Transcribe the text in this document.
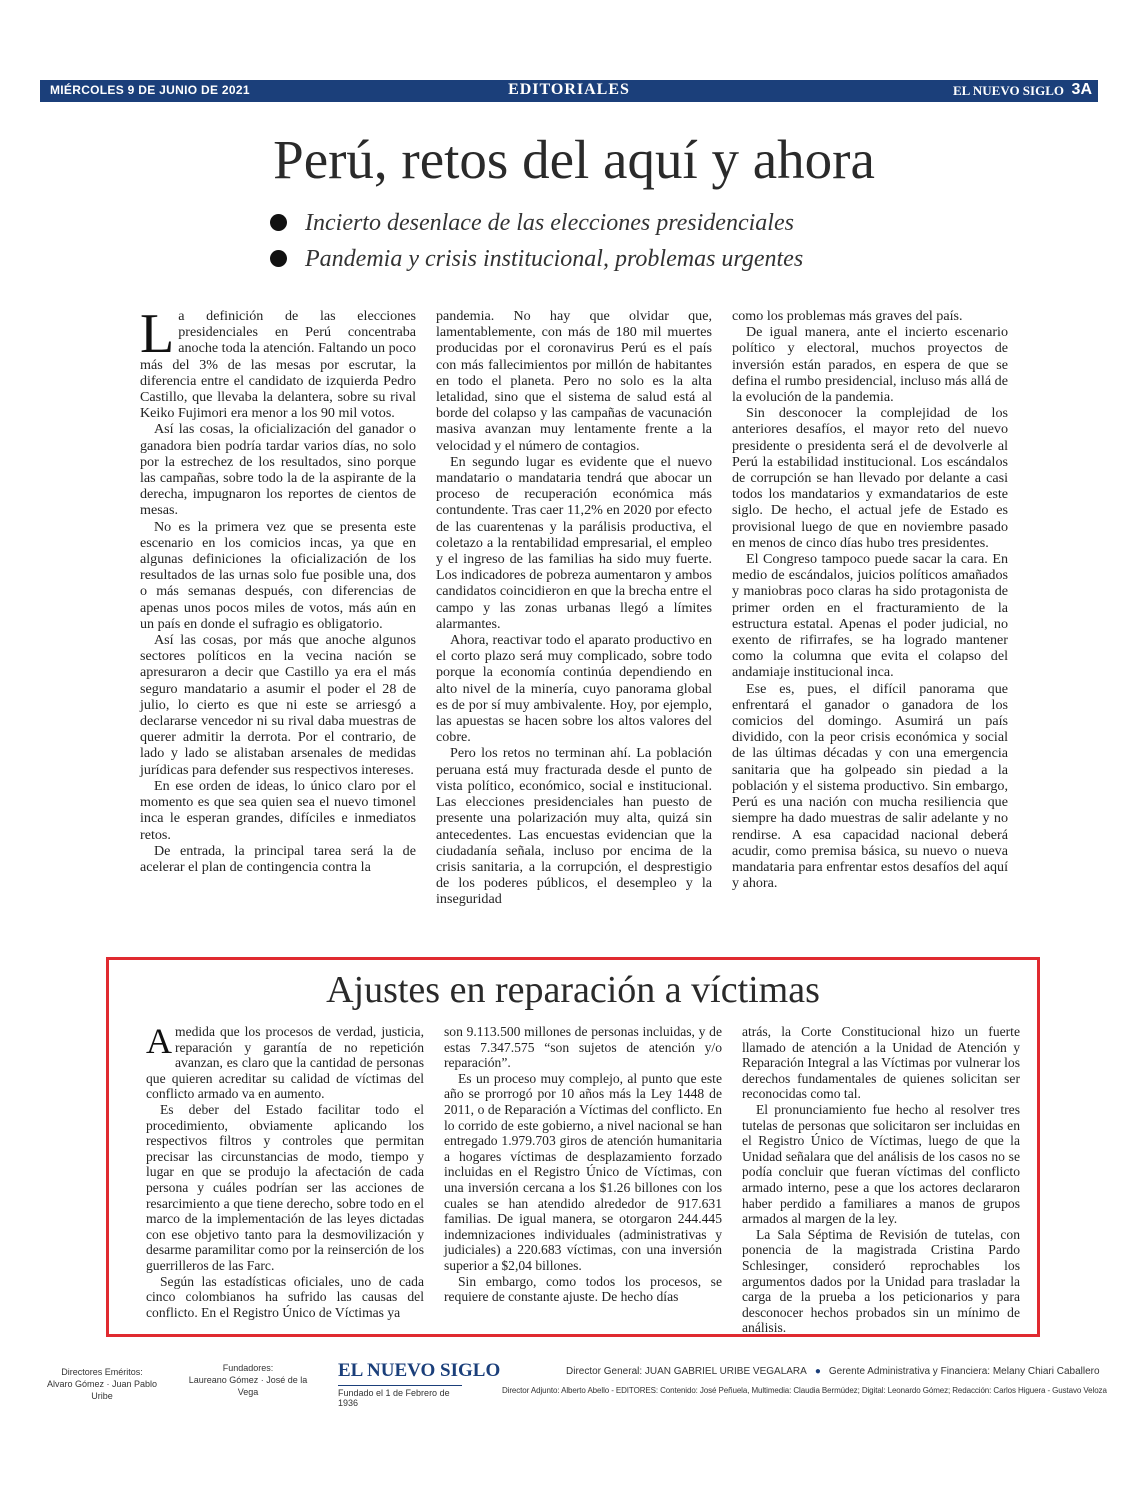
MIÉRCOLES 9 DE JUNIO DE 2021	EDITORIALES	EL NUEVO SIGLO 3A
Perú, retos del aquí y ahora
Incierto desenlace de las elecciones presidenciales
Pandemia y crisis institucional, problemas urgentes

La definición de las elecciones presidenciales en Perú concentraba anoche toda la atención. Faltando un poco más del 3% de las mesas por escrutar, la diferencia entre el candidato de izquierda Pedro Castillo, que llevaba la delantera, sobre su rival Keiko Fujimori era menor a los 90 mil votos.

Así las cosas, la oficialización del ganador o ganadora bien podría tardar varios días, no solo por la estrechez de los resultados, sino porque las campañas, sobre todo la de la aspirante de la derecha, impugnaron los reportes de cientos de mesas.

No es la primera vez que se presenta este escenario en los comicios incas, ya que en algunas definiciones la oficialización de los resultados de las urnas solo fue posible una, dos o más semanas después, con diferencias de apenas unos pocos miles de votos, más aún en un país en donde el sufragio es obligatorio.

Así las cosas, por más que anoche algunos sectores políticos en la vecina nación se apresuraron a decir que Castillo ya era el más seguro mandatario a asumir el poder el 28 de julio, lo cierto es que ni este se arriesgó a declararse vencedor ni su rival daba muestras de querer admitir la derrota. Por el contrario, de lado y lado se alistaban arsenales de medidas jurídicas para defender sus respectivos intereses.

En ese orden de ideas, lo único claro por el momento es que sea quien sea el nuevo timonel inca le esperan grandes, difíciles e inmediatos retos.

De entrada, la principal tarea será la de acelerar el plan de contingencia contra la

pandemia. No hay que olvidar que, lamentablemente, con más de 180 mil muertes producidas por el coronavirus Perú es el país con más fallecimientos por millón de habitantes en todo el planeta. Pero no solo es la alta letalidad, sino que el sistema de salud está al borde del colapso y las campañas de vacunación masiva avanzan muy lentamente frente a la velocidad y el número de contagios.

En segundo lugar es evidente que el nuevo mandatario o mandataria tendrá que abocar un proceso de recuperación económica más contundente. Tras caer 11,2% en 2020 por efecto de las cuarentenas y la parálisis productiva, el coletazo a la rentabilidad empresarial, el empleo y el ingreso de las familias ha sido muy fuerte. Los indicadores de pobreza aumentaron y ambos candidatos coincidieron en que la brecha entre el campo y las zonas urbanas llegó a límites alarmantes.

Ahora, reactivar todo el aparato productivo en el corto plazo será muy complicado, sobre todo porque la economía continúa dependiendo en alto nivel de la minería, cuyo panorama global es de por sí muy ambivalente. Hoy, por ejemplo, las apuestas se hacen sobre los altos valores del cobre.

Pero los retos no terminan ahí. La población peruana está muy fracturada desde el punto de vista político, económico, social e institucional. Las elecciones presidenciales han puesto de presente una polarización muy alta, quizá sin antecedentes. Las encuestas evidencian que la ciudadanía señala, incluso por encima de la crisis sanitaria, a la corrupción, el desprestigio de los poderes públicos, el desempleo y la inseguridad

como los problemas más graves del país.

De igual manera, ante el incierto escenario político y electoral, muchos proyectos de inversión están parados, en espera de que se defina el rumbo presidencial, incluso más allá de la evolución de la pandemia.

Sin desconocer la complejidad de los anteriores desafíos, el mayor reto del nuevo presidente o presidenta será el de devolverle al Perú la estabilidad institucional. Los escándalos de corrupción se han llevado por delante a casi todos los mandatarios y exmandatarios de este siglo. De hecho, el actual jefe de Estado es provisional luego de que en noviembre pasado en menos de cinco días hubo tres presidentes.

El Congreso tampoco puede sacar la cara. En medio de escándalos, juicios políticos amañados y maniobras poco claras ha sido protagonista de primer orden en el fracturamiento de la estructura estatal. Apenas el poder judicial, no exento de rifirrafes, se ha logrado mantener como la columna que evita el colapso del andamiaje institucional inca.

Ese es, pues, el difícil panorama que enfrentará el ganador o ganadora de los comicios del domingo. Asumirá un país dividido, con la peor crisis económica y social de las últimas décadas y con una emergencia sanitaria que ha golpeado sin piedad a la población y el sistema productivo. Sin embargo, Perú es una nación con mucha resiliencia que siempre ha dado muestras de salir adelante y no rendirse. A esa capacidad nacional deberá acudir, como premisa básica, su nuevo o nueva mandataria para enfrentar estos desafíos del aquí y ahora.

Ajustes en reparación a víctimas

Amedida que los procesos de verdad, justicia, reparación y garantía de no repetición avanzan, es claro que la cantidad de personas que quieren acreditar su calidad de víctimas del conflicto armado va en aumento.

Es deber del Estado facilitar todo el procedimiento, obviamente aplicando los respectivos filtros y controles que permitan precisar las circunstancias de modo, tiempo y lugar en que se produjo la afectación de cada persona y cuáles podrían ser las acciones de resarcimiento a que tiene derecho, sobre todo en el marco de la implementación de las leyes dictadas con ese objetivo tanto para la desmovilización y desarme paramilitar como por la reinserción de los guerrilleros de las Farc.

Según las estadísticas oficiales, uno de cada cinco colombianos ha sufrido las causas del conflicto. En el Registro Único de Víctimas ya

son 9.113.500 millones de personas incluidas, y de estas 7.347.575 “son sujetos de atención y/o reparación”.

Es un proceso muy complejo, al punto que este año se prorrogó por 10 años más la Ley 1448 de 2011, o de Reparación a Víctimas del conflicto. En lo corrido de este gobierno, a nivel nacional se han entregado 1.979.703 giros de atención humanitaria a hogares víctimas de desplazamiento forzado incluidas en el Registro Único de Víctimas, con una inversión cercana a los $1.26 billones con los cuales se han atendido alrededor de 917.631 familias. De igual manera, se otorgaron 244.445 indemnizaciones individuales (administrativas y judiciales) a 220.683 víctimas, con una inversión superior a $2,04 billones.

Sin embargo, como todos los procesos, se requiere de constante ajuste. De hecho días

atrás, la Corte Constitucional hizo un fuerte llamado de atención a la Unidad de Atención y Reparación Integral a las Víctimas por vulnerar los derechos fundamentales de quienes solicitan ser reconocidas como tal.

El pronunciamiento fue hecho al resolver tres tutelas de personas que solicitaron ser incluidas en el Registro Único de Víctimas, luego de que la Unidad señalara que del análisis de los casos no se podía concluir que fueran víctimas del conflicto armado interno, pese a que los actores declararon haber perdido a familiares a manos de grupos armados al margen de la ley.

La Sala Séptima de Revisión de tutelas, con ponencia de la magistrada Cristina Pardo Schlesinger, consideró reprochables los argumentos dados por la Unidad para trasladar la carga de la prueba a los peticionarios y para desconocer hechos probados sin un mínimo de análisis.

Directores Eméritos:
Alvaro Gómez · Juan Pablo Uribe
Fundadores:
Laureano Gómez · José de la Vega
EL NUEVO SIGLO
Fundado el 1 de Febrero de 1936
Director General: JUAN GABRIEL URIBE VEGALARA ● Gerente Administrativa y Financiera: Melany Chiari Caballero
Director Adjunto: Alberto Abello - EDITORES: Contenido: José Peñuela, Multimedia: Claudia Bermúdez; Digital: Leonardo Gómez; Redacción: Carlos Higuera - Gustavo Veloza
